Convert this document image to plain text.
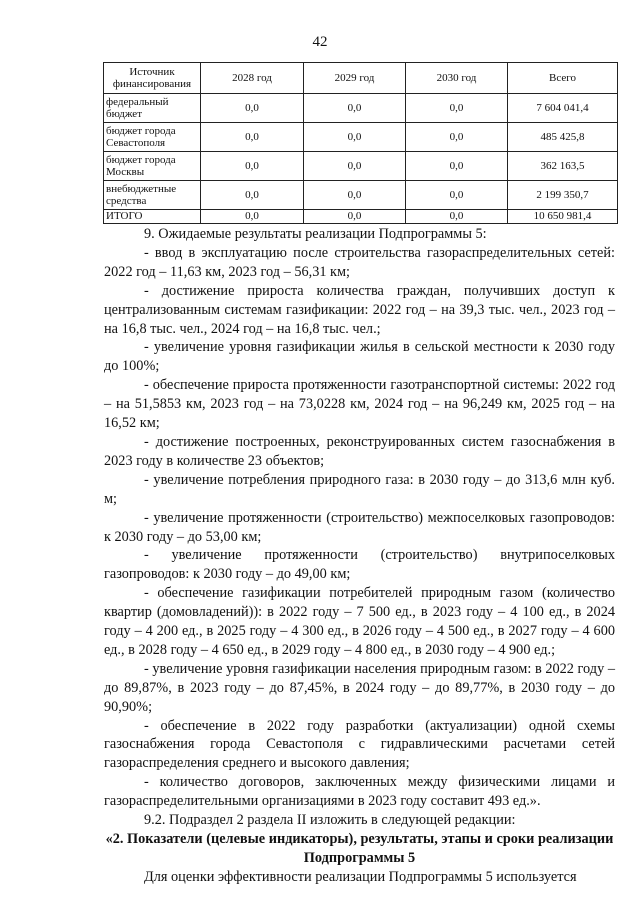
42
Источник финансирования	2028 год	2029 год	2030 год	Всего
федеральный бюджет	0,0	0,0	0,0	7 604 041,4
бюджет города Севастополя	0,0	0,0	0,0	485 425,8
бюджет города Москвы	0,0	0,0	0,0	362 163,5
внебюджетные средства	0,0	0,0	0,0	2 199 350,7
ИТОГО	0,0	0,0	0,0	10 650 981,4

9. Ожидаемые результаты реализации Подпрограммы 5:

- ввод в эксплуатацию после строительства газораспределительных сетей: 2022 год – 11,63 км, 2023 год – 56,31 км;

- достижение прироста количества граждан, получивших доступ к централизованным системам газификации: 2022 год – на 39,3 тыс. чел., 2023 год – на 16,8 тыс. чел., 2024 год – на 16,8 тыс. чел.;

- увеличение уровня газификации жилья в сельской местности к 2030 году до 100%;

- обеспечение прироста протяженности газотранспортной системы: 2022 год – на 51,5853 км, 2023 год – на 73,0228 км, 2024 год – на 96,249 км, 2025 год – на 16,52 км;

- достижение построенных, реконструированных систем газоснабжения в 2023 году в количестве 23 объектов;

- увеличение потребления природного газа: в 2030 году – до 313,6 млн куб. м;

- увеличение протяженности (строительство) межпоселковых газопроводов: к 2030 году – до 53,00 км;

- увеличение протяженности (строительство) внутрипоселковых газопроводов: к 2030 году – до 49,00 км;

- обеспечение газификации потребителей природным газом (количество квартир (домовладений)): в 2022 году – 7 500 ед., в 2023 году – 4 100 ед., в 2024 году – 4 200 ед., в 2025 году – 4 300 ед., в 2026 году – 4 500 ед., в 2027 году – 4 600 ед., в 2028 году – 4 650 ед., в 2029 году – 4 800 ед., в 2030 году – 4 900 ед.;

- увеличение уровня газификации населения природным газом: в 2022 году – до 89,87%, в 2023 году – до 87,45%, в 2024 году – до 89,77%, в 2030 году – до 90,90%;

- обеспечение в 2022 году разработки (актуализации) одной схемы газоснабжения города Севастополя с гидравлическими расчетами сетей газораспределения среднего и высокого давления;

- количество договоров, заключенных между физическими лицами и газораспределительными организациями в 2023 году составит 493 ед.».

9.2. Подраздел 2 раздела II изложить в следующей редакции:

«2. Показатели (целевые индикаторы), результаты, этапы и сроки реализации Подпрограммы 5

Для оценки эффективности реализации Подпрограммы 5 используется
